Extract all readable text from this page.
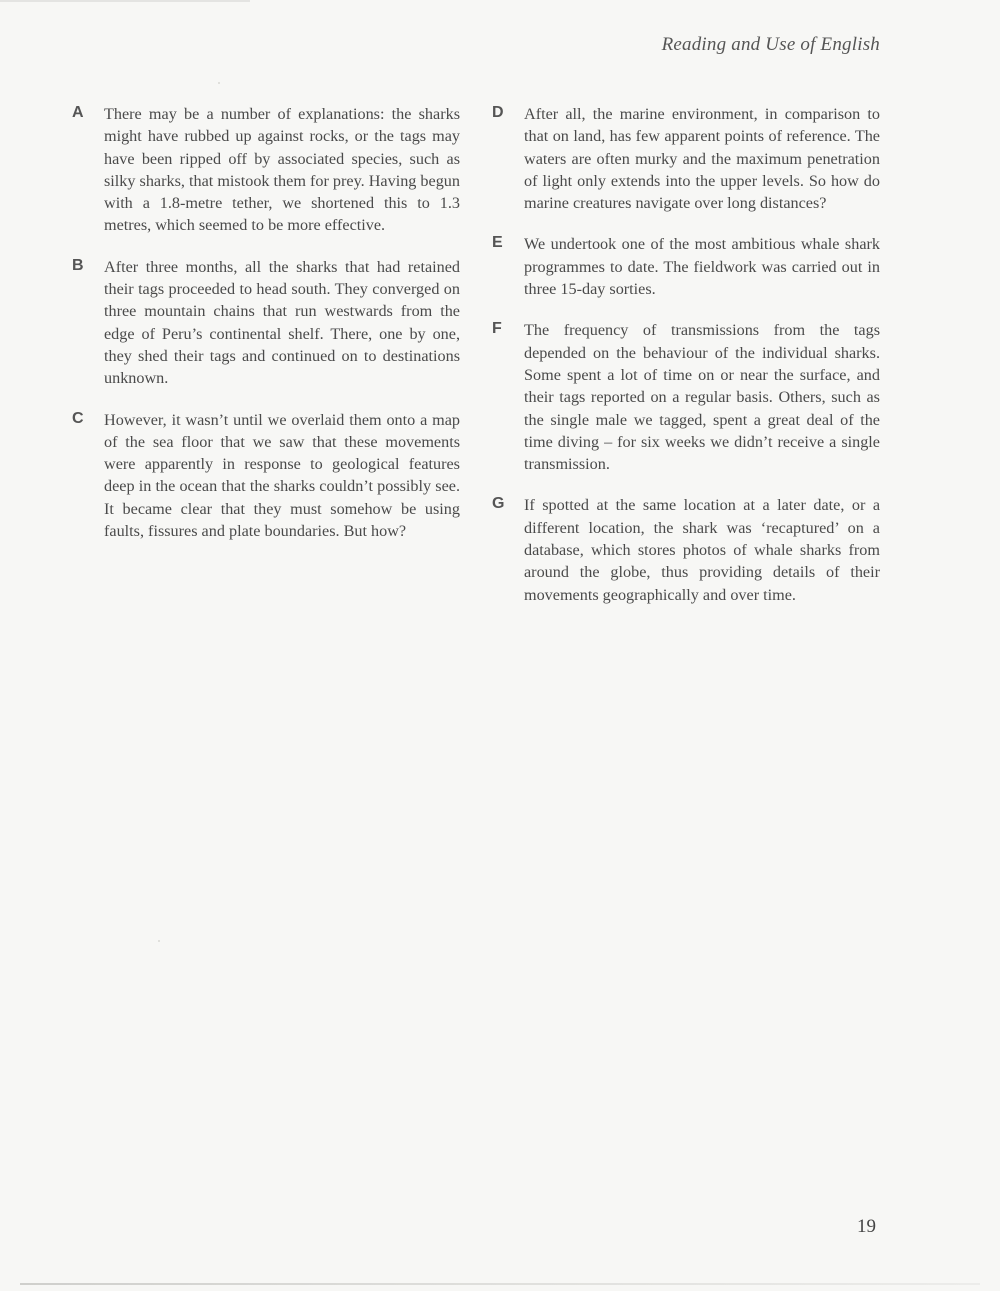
Reading and Use of English
A There may be a number of explanations: the sharks might have rubbed up against rocks, or the tags may have been ripped off by associated species, such as silky sharks, that mistook them for prey. Having begun with a 1.8-metre tether, we shortened this to 1.3 metres, which seemed to be more effective.
B After three months, all the sharks that had retained their tags proceeded to head south. They converged on three mountain chains that run westwards from the edge of Peru’s continental shelf. There, one by one, they shed their tags and continued on to destinations unknown.
C However, it wasn’t until we overlaid them onto a map of the sea floor that we saw that these movements were apparently in response to geological features deep in the ocean that the sharks couldn’t possibly see. It became clear that they must somehow be using faults, fissures and plate boundaries. But how?
D After all, the marine environment, in comparison to that on land, has few apparent points of reference. The waters are often murky and the maximum penetration of light only extends into the upper levels. So how do marine creatures navigate over long distances?
E We undertook one of the most ambitious whale shark programmes to date. The fieldwork was carried out in three 15-day sorties.
F The frequency of transmissions from the tags depended on the behaviour of the individual sharks. Some spent a lot of time on or near the surface, and their tags reported on a regular basis. Others, such as the single male we tagged, spent a great deal of the time diving – for six weeks we didn’t receive a single transmission.
G If spotted at the same location at a later date, or a different location, the shark was ‘recaptured’ on a database, which stores photos of whale sharks from around the globe, thus providing details of their movements geographically and over time.
19
